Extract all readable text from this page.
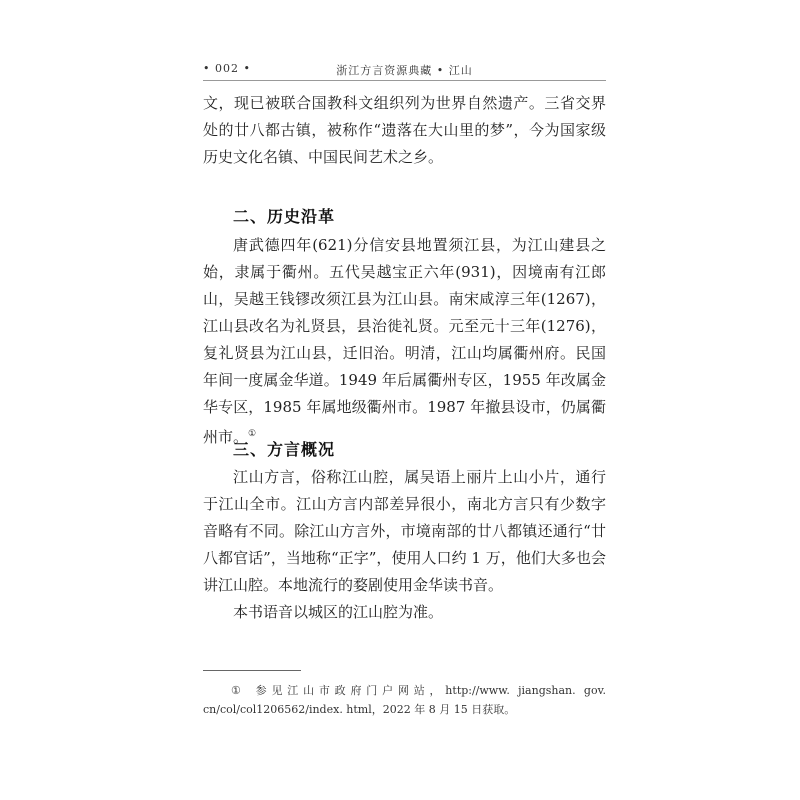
• 002 •	浙江方言资源典藏 • 江山

文，现已被联合国教科文组织列为世界自然遗产。三省交界处的廿八都古镇，被称作“遗落在大山里的梦”，今为国家级历史文化名镇、中国民间艺术之乡。

二、历史沿革

唐武德四年(621)分信安县地置须江县，为江山建县之始，隶属于衢州。五代吴越宝正六年(931)，因境南有江郎山，吴越王钱镠改须江县为江山县。南宋咸淳三年(1267)，江山县改名为礼贤县，县治徙礼贤。元至元十三年(1276)，复礼贤县为江山县，迁旧治。明清，江山均属衢州府。民国年间一度属金华道。1949 年后属衢州专区，1955 年改属金华专区，1985 年属地级衢州市。1987 年撤县设市，仍属衢州市。①

三、方言概况

江山方言，俗称江山腔，属吴语上丽片上山小片，通行于江山全市。江山方言内部差异很小，南北方言只有少数字音略有不同。除江山方言外，市境南部的廿八都镇还通行“廿八都官话”，当地称“正字”，使用人口约 1 万，他们大多也会讲江山腔。本地流行的婺剧使用金华读书音。

本书语音以城区的江山腔为准。

① 参见江山市政府门户网站，http://www. jiangshan. gov. cn/col/col1206562/index. html，2022 年 8 月 15 日获取。
